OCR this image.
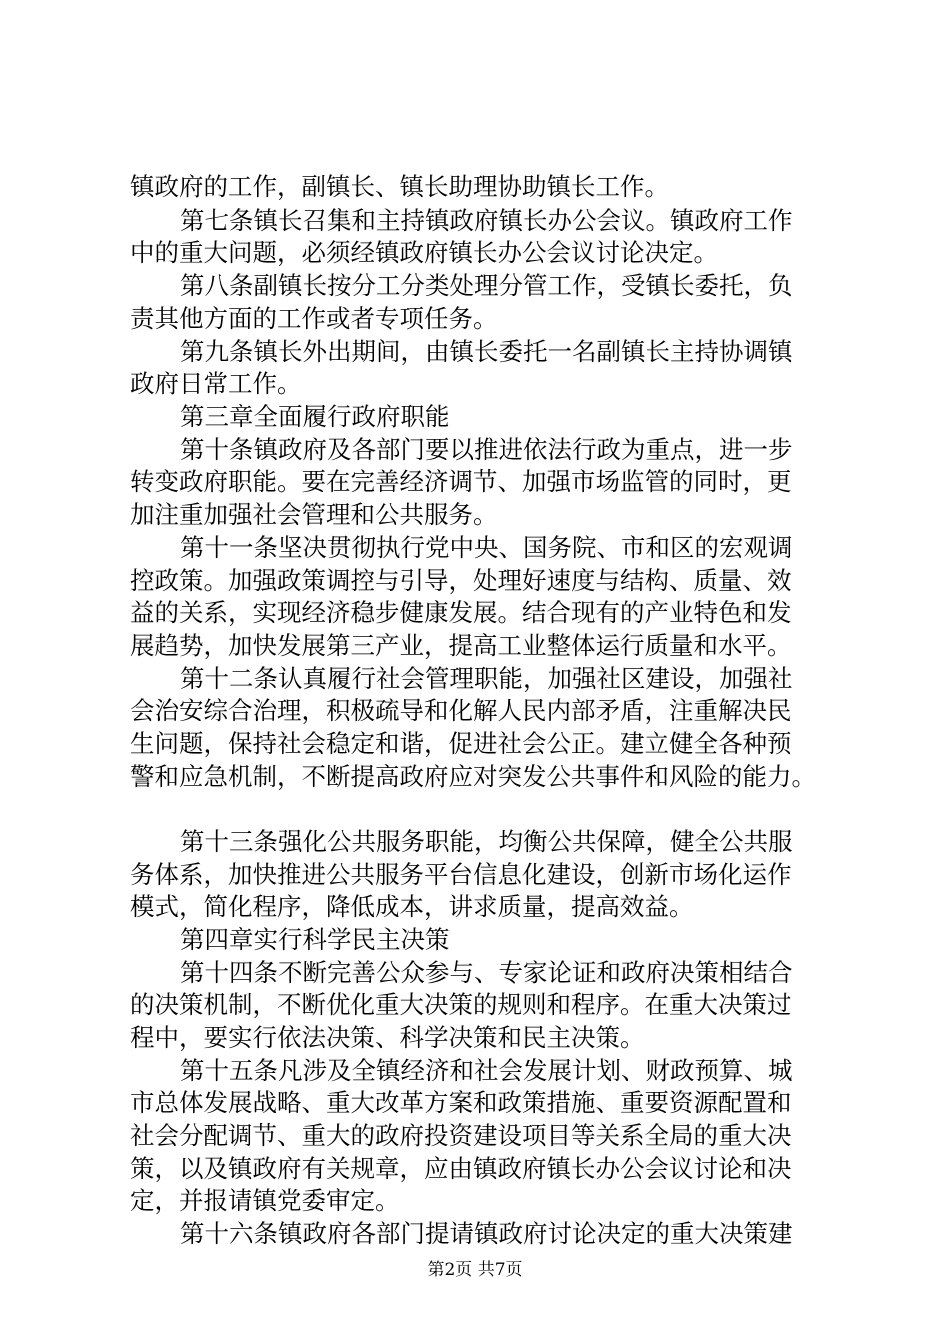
镇政府的工作，副镇长、镇长助理协助镇长工作。
第七条镇长召集和主持镇政府镇长办公会议。镇政府工作
中的重大问题，必须经镇政府镇长办公会议讨论决定。
第八条副镇长按分工分类处理分管工作，受镇长委托，负
责其他方面的工作或者专项任务。
第九条镇长外出期间，由镇长委托一名副镇长主持协调镇
政府日常工作。
第三章全面履行政府职能
第十条镇政府及各部门要以推进依法行政为重点，进一步
转变政府职能。要在完善经济调节、加强市场监管的同时，更
加注重加强社会管理和公共服务。
第十一条坚决贯彻执行党中央、国务院、市和区的宏观调
控政策。加强政策调控与引导，处理好速度与结构、质量、效
益的关系，实现经济稳步健康发展。结合现有的产业特色和发
展趋势，加快发展第三产业，提高工业整体运行质量和水平。
第十二条认真履行社会管理职能，加强社区建设，加强社
会治安综合治理，积极疏导和化解人民内部矛盾，注重解决民
生问题，保持社会稳定和谐，促进社会公正。建立健全各种预
警和应急机制，不断提高政府应对突发公共事件和风险的能力。
第十三条强化公共服务职能，均衡公共保障，健全公共服
务体系，加快推进公共服务平台信息化建设，创新市场化运作
模式，简化程序，降低成本，讲求质量，提高效益。
第四章实行科学民主决策
第十四条不断完善公众参与、专家论证和政府决策相结合
的决策机制，不断优化重大决策的规则和程序。在重大决策过
程中，要实行依法决策、科学决策和民主决策。
第十五条凡涉及全镇经济和社会发展计划、财政预算、城
市总体发展战略、重大改革方案和政策措施、重要资源配置和
社会分配调节、重大的政府投资建设项目等关系全局的重大决
策，以及镇政府有关规章，应由镇政府镇长办公会议讨论和决
定，并报请镇党委审定。
第十六条镇政府各部门提请镇政府讨论决定的重大决策建
第2页 共7页
